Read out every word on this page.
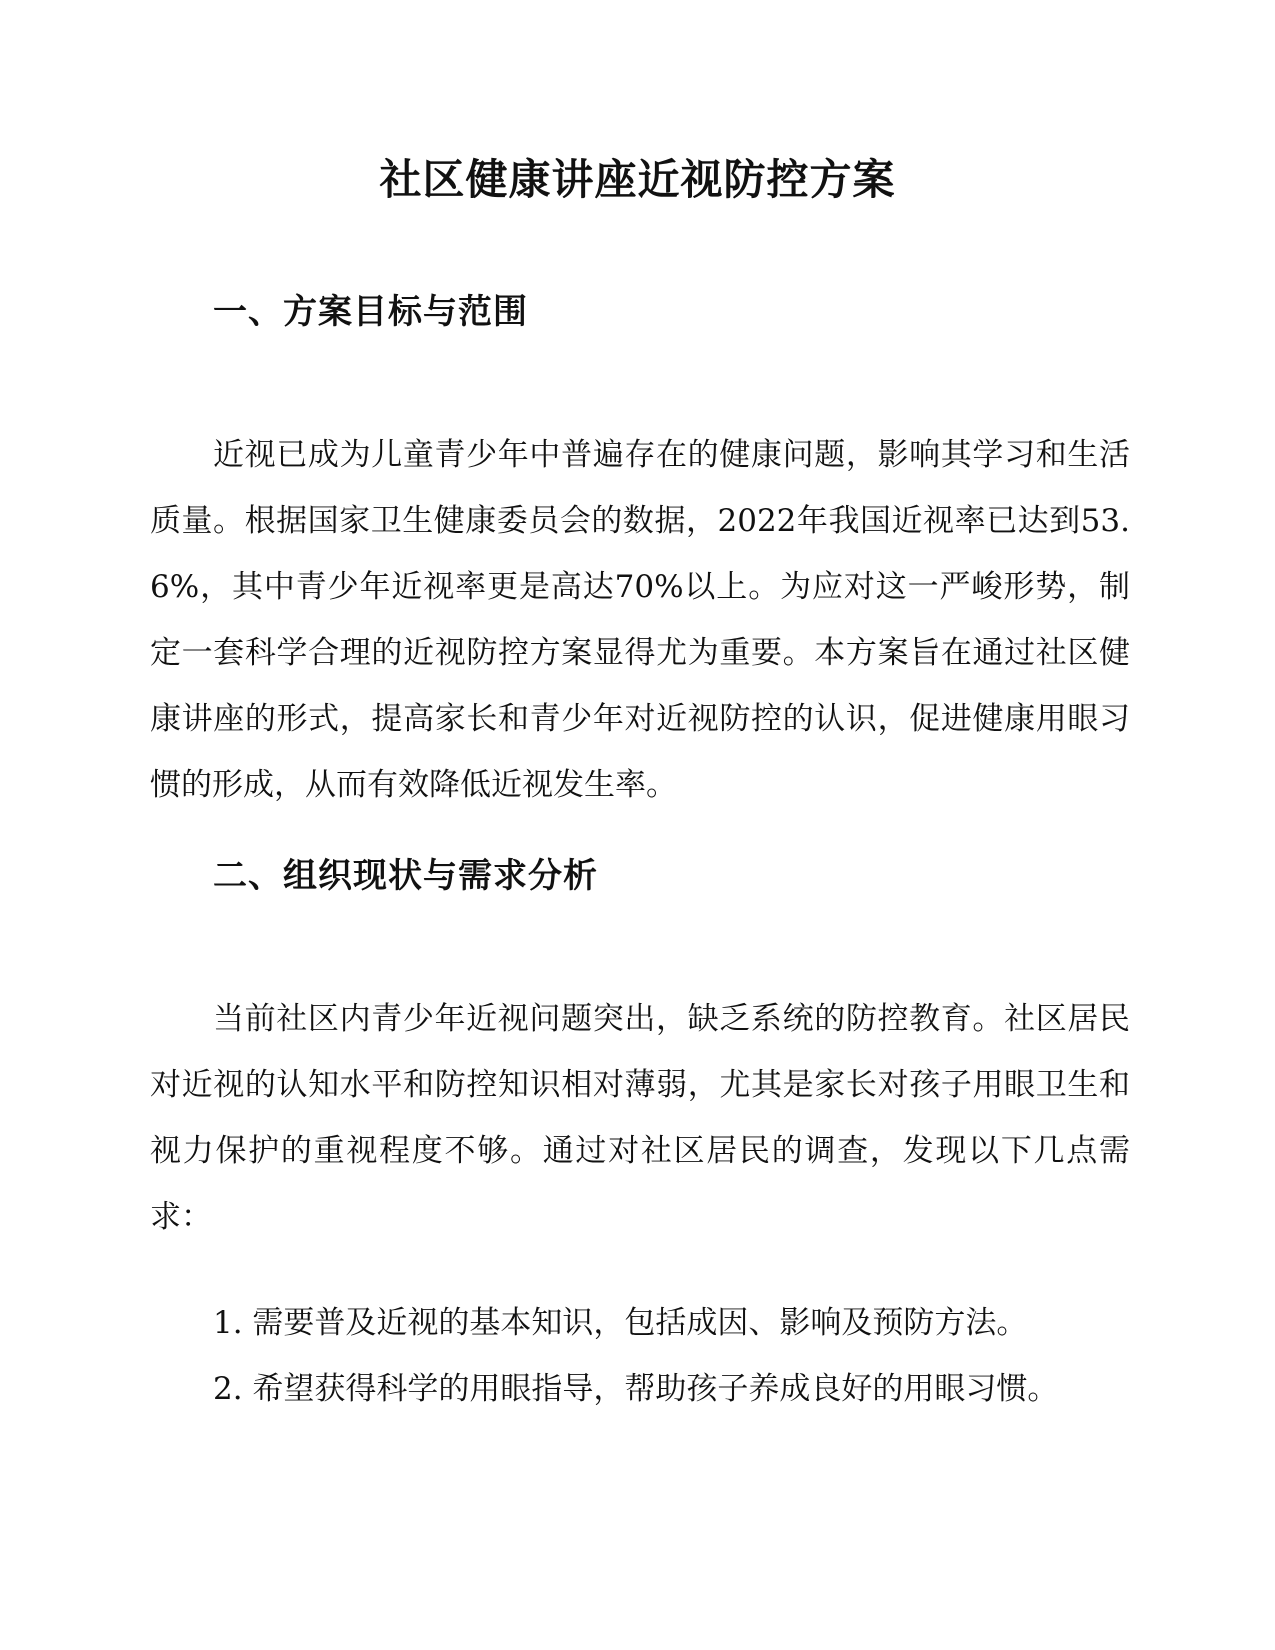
社区健康讲座近视防控方案
一、方案目标与范围

近视已成为儿童青少年中普遍存在的健康问题，影响其学习和生活质量。根据国家卫生健康委员会的数据，2022年我国近视率已达到53.6%，其中青少年近视率更是高达70%以上。为应对这一严峻形势，制定一套科学合理的近视防控方案显得尤为重要。本方案旨在通过社区健康讲座的形式，提高家长和青少年对近视防控的认识，促进健康用眼习惯的形成，从而有效降低近视发生率。

二、组织现状与需求分析

当前社区内青少年近视问题突出，缺乏系统的防控教育。社区居民对近视的认知水平和防控知识相对薄弱，尤其是家长对孩子用眼卫生和视力保护的重视程度不够。通过对社区居民的调查，发现以下几点需求：

1. 需要普及近视的基本知识，包括成因、影响及预防方法。
2. 希望获得科学的用眼指导，帮助孩子养成良好的用眼习惯。
